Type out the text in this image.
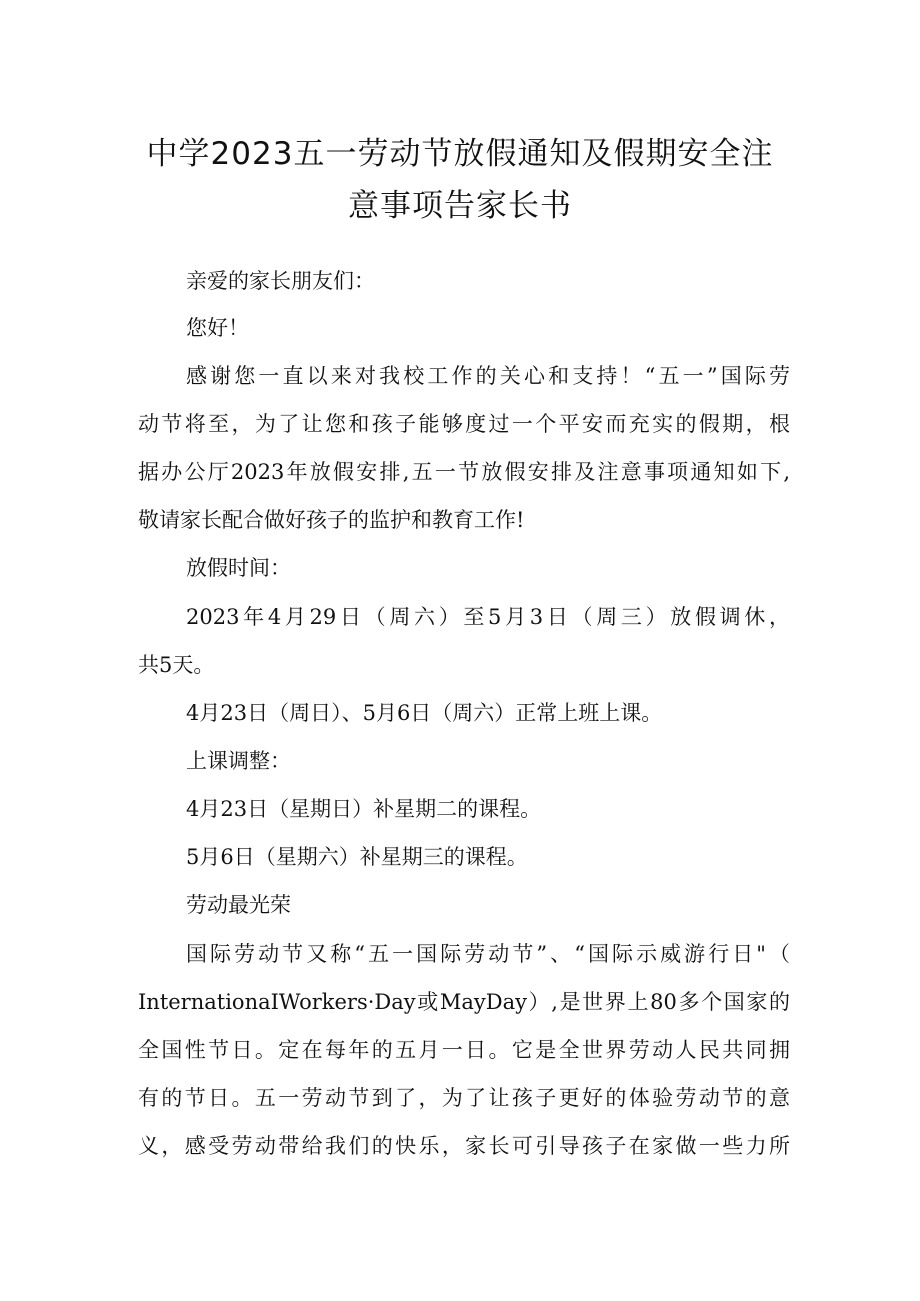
中学2023五一劳动节放假通知及假期安全注
意事项告家长书
亲爱的家长朋友们：
您好！
感谢您一直以来对我校工作的关心和支持！“五一”国际劳
动节将至，为了让您和孩子能够度过一个平安而充实的假期，根
据办公厅2023年放假安排,五一节放假安排及注意事项通知如下,
敬请家长配合做好孩子的监护和教育工作!
放假时间：
2023年4月29日（周六）至5月3日（周三）放假调休，
共5天。
4月23日（周日）、5月6日（周六）正常上班上课。
上课调整：
4月23日（星期日）补星期二的课程。
5月6日（星期六）补星期三的课程。
劳动最光荣
国际劳动节又称“五一国际劳动节”、“国际示威游行日"（
InternationaIWorkers·Day或MayDay）,是世界上80多个国家的
全国性节日。定在每年的五月一日。它是全世界劳动人民共同拥
有的节日。五一劳动节到了，为了让孩子更好的体验劳动节的意
义，感受劳动带给我们的快乐，家长可引导孩子在家做一些力所
